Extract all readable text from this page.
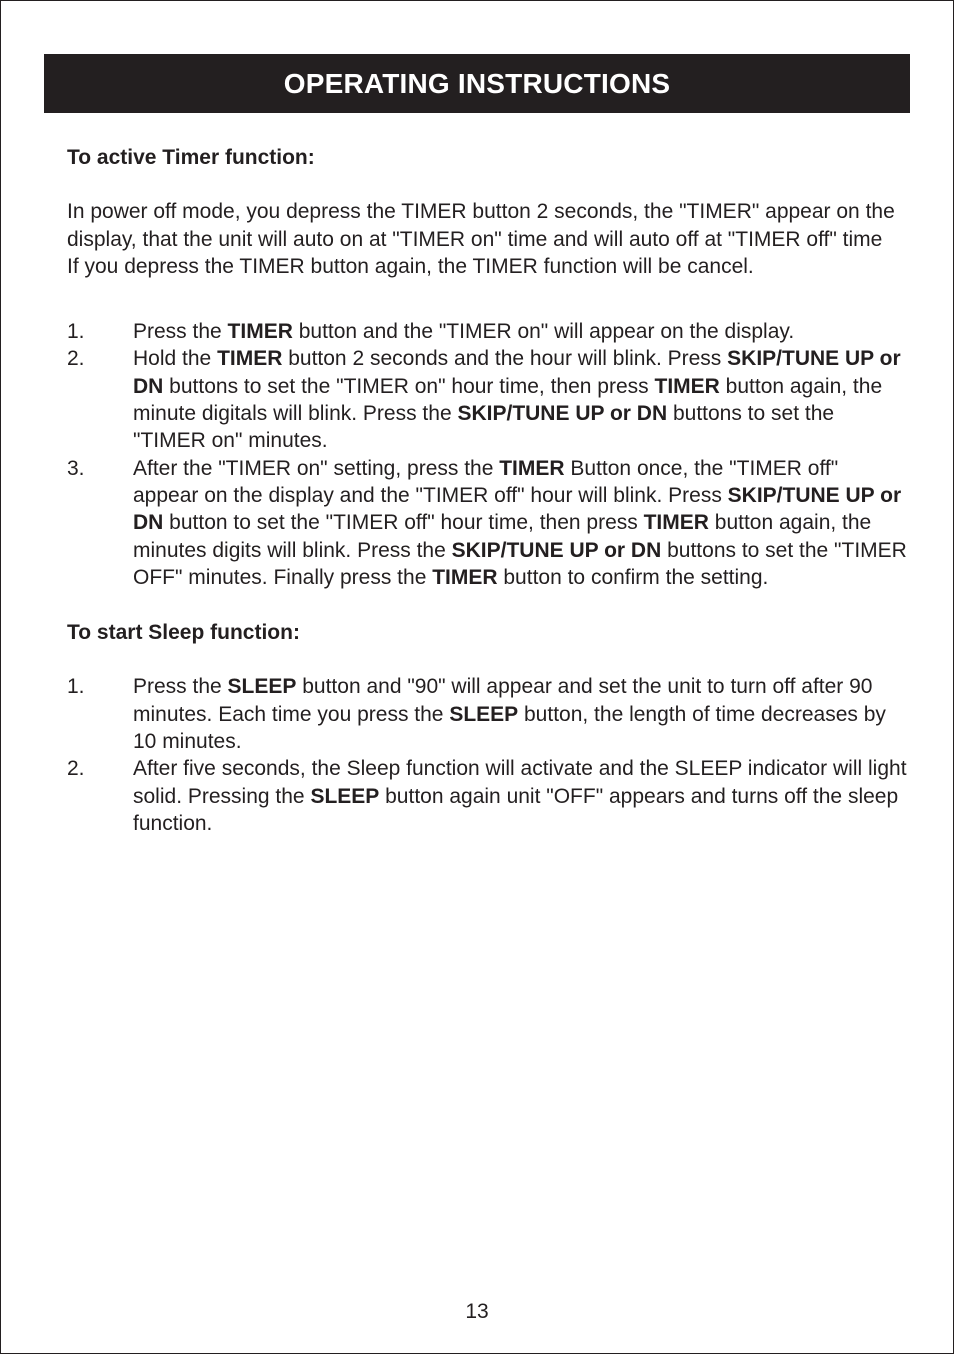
OPERATING INSTRUCTIONS
To active Timer function:

In power off mode, you depress the TIMER button 2 seconds, the "TIMER" appear on the display, that the unit will auto on at "TIMER on" time and will auto off at "TIMER off" time

If you depress the TIMER button again, the TIMER function will be cancel.

1.	Press the TIMER button and the "TIMER on" will appear on the display.
2.	Hold the TIMER button 2 seconds and the hour will blink. Press SKIP/TUNE UP or DN buttons to set the "TIMER on" hour time, then press TIMER button again, the minute digitals will blink. Press the SKIP/TUNE UP or DN buttons to set the "TIMER on" minutes.
3.	After the "TIMER on" setting, press the TIMER Button once, the "TIMER off" appear on the display and the "TIMER off" hour will blink. Press SKIP/TUNE UP or DN button to set the "TIMER off" hour time, then press TIMER button again, the minutes digits will blink. Press the SKIP/TUNE UP or DN buttons to set the "TIMER OFF" minutes. Finally press the TIMER button to confirm the setting.
To start Sleep function:
1.	Press the SLEEP button and "90" will appear and set the unit to turn off after 90 minutes. Each time you press the SLEEP button, the length of time decreases by 10 minutes.
2.	After five seconds, the Sleep function will activate and the SLEEP indicator will light solid. Pressing the SLEEP button again unit "OFF" appears and turns off the sleep function.
13
